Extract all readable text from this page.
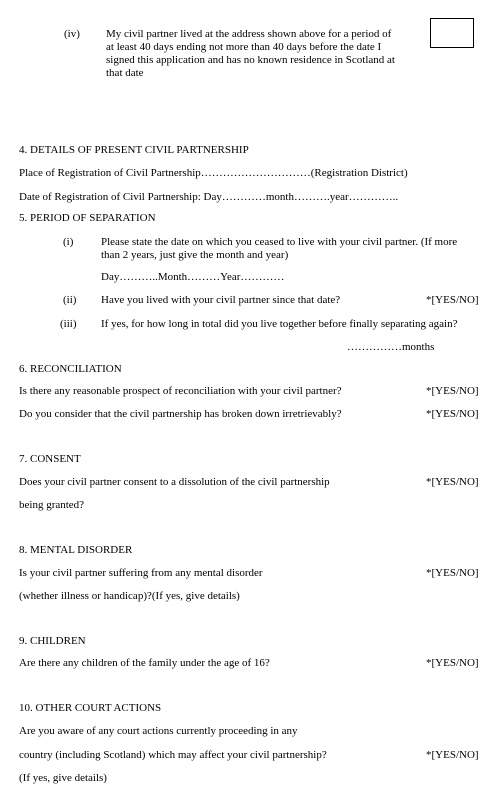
(iv) My civil partner lived at the address shown above for a period of
at least 40 days ending not more than 40 days before the date I
signed this application and has no known residence in Scotland at
that date
4. DETAILS OF PRESENT CIVIL PARTNERSHIP
Place of Registration of Civil Partnership…………………………(Registration District)
Date of Registration of Civil Partnership: Day…………month……….year…………..
5. PERIOD OF SEPARATION
(i)	Please state the date on which you ceased to live with your civil partner. (If more
than 2 years, just give the month and year)
Day………..Month………Year…………
(ii) Have you lived with your civil partner since that date?	*[YES/NO]
(iii) If yes, for how long in total did you live together before finally separating again?
……………months
6. RECONCILIATION
Is there any reasonable prospect of reconciliation with your civil partner?	*[YES/NO]
Do you consider that the civil partnership has broken down irretrievably?	*[YES/NO]
7. CONSENT
Does your civil partner consent to a dissolution of the civil partnership	*[YES/NO]
being granted?
8. MENTAL DISORDER
Is your civil partner suffering from any mental disorder	*[YES/NO]
(whether illness or handicap)?(If yes, give details)
9. CHILDREN
Are there any children of the family under the age of 16?	*[YES/NO]
10. OTHER COURT ACTIONS
Are you aware of any court actions currently proceeding in any
country (including Scotland) which may affect your civil partnership?	*[YES/NO]
(If yes, give details)
